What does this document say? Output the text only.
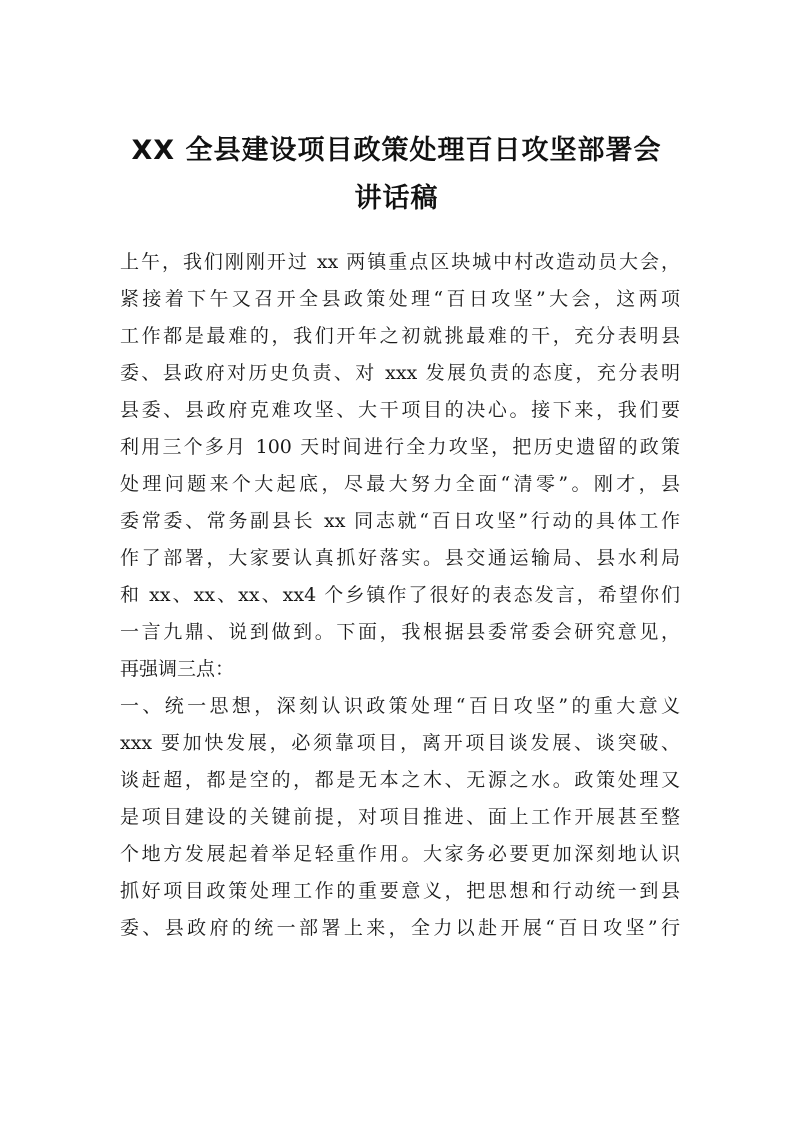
XX 全县建设项目政策处理百日攻坚部署会
讲话稿
上午，我们刚刚开过 xx 两镇重点区块城中村改造动员大会，
紧接着下午又召开全县政策处理“百日攻坚”大会，这两项
工作都是最难的，我们开年之初就挑最难的干，充分表明县
委、县政府对历史负责、对 xxx 发展负责的态度，充分表明
县委、县政府克难攻坚、大干项目的决心。接下来，我们要
利用三个多月 100 天时间进行全力攻坚，把历史遗留的政策
处理问题来个大起底，尽最大努力全面“清零”。刚才，县
委常委、常务副县长 xx 同志就“百日攻坚”行动的具体工作
作了部署，大家要认真抓好落实。县交通运输局、县水利局
和 xx、xx、xx、xx4 个乡镇作了很好的表态发言，希望你们
一言九鼎、说到做到。下面，我根据县委常委会研究意见，
再强调三点：
一、统一思想，深刻认识政策处理“百日攻坚”的重大意义
xxx 要加快发展，必须靠项目，离开项目谈发展、谈突破、
谈赶超，都是空的，都是无本之木、无源之水。政策处理又
是项目建设的关键前提，对项目推进、面上工作开展甚至整
个地方发展起着举足轻重作用。大家务必要更加深刻地认识
抓好项目政策处理工作的重要意义，把思想和行动统一到县
委、县政府的统一部署上来，全力以赴开展“百日攻坚”行
